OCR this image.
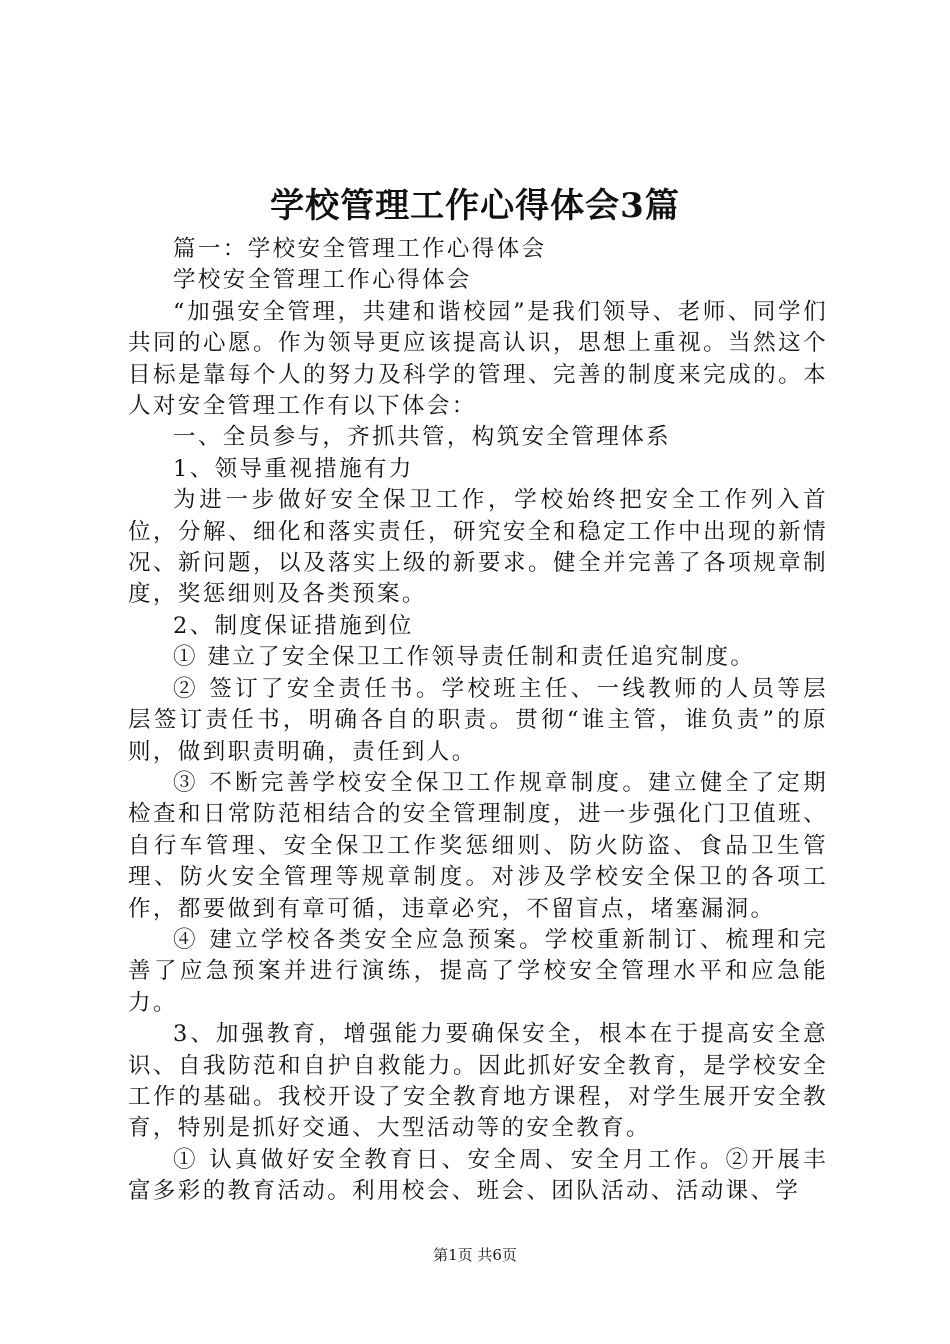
学校管理工作心得体会3篇

篇一：学校安全管理工作心得体会

学校安全管理工作心得体会

“加强安全管理，共建和谐校园”是我们领导、老师、同学们共同的心愿。作为领导更应该提高认识，思想上重视。当然这个目标是靠每个人的努力及科学的管理、完善的制度来完成的。本人对安全管理工作有以下体会：

一、全员参与，齐抓共管，构筑安全管理体系

1、领导重视措施有力

为进一步做好安全保卫工作，学校始终把安全工作列入首位，分解、细化和落实责任，研究安全和稳定工作中出现的新情况、新问题，以及落实上级的新要求。健全并完善了各项规章制度，奖惩细则及各类预案。

2、制度保证措施到位

① 建立了安全保卫工作领导责任制和责任追究制度。

② 签订了安全责任书。学校班主任、一线教师的人员等层层签订责任书，明确各自的职责。贯彻“谁主管，谁负责”的原则，做到职责明确，责任到人。

③ 不断完善学校安全保卫工作规章制度。建立健全了定期检查和日常防范相结合的安全管理制度，进一步强化门卫值班、自行车管理、安全保卫工作奖惩细则、防火防盗、食品卫生管理、防火安全管理等规章制度。对涉及学校安全保卫的各项工作，都要做到有章可循，违章必究，不留盲点，堵塞漏洞。

④ 建立学校各类安全应急预案。学校重新制订、梳理和完善了应急预案并进行演练，提高了学校安全管理水平和应急能力。

3、加强教育，增强能力要确保安全，根本在于提高安全意识、自我防范和自护自救能力。因此抓好安全教育，是学校安全工作的基础。我校开设了安全教育地方课程，对学生展开安全教育，特别是抓好交通、大型活动等的安全教育。

① 认真做好安全教育日、安全周、安全月工作。②开展丰富多彩的教育活动。利用校会、班会、团队活动、活动课、学

第1页 共6页
